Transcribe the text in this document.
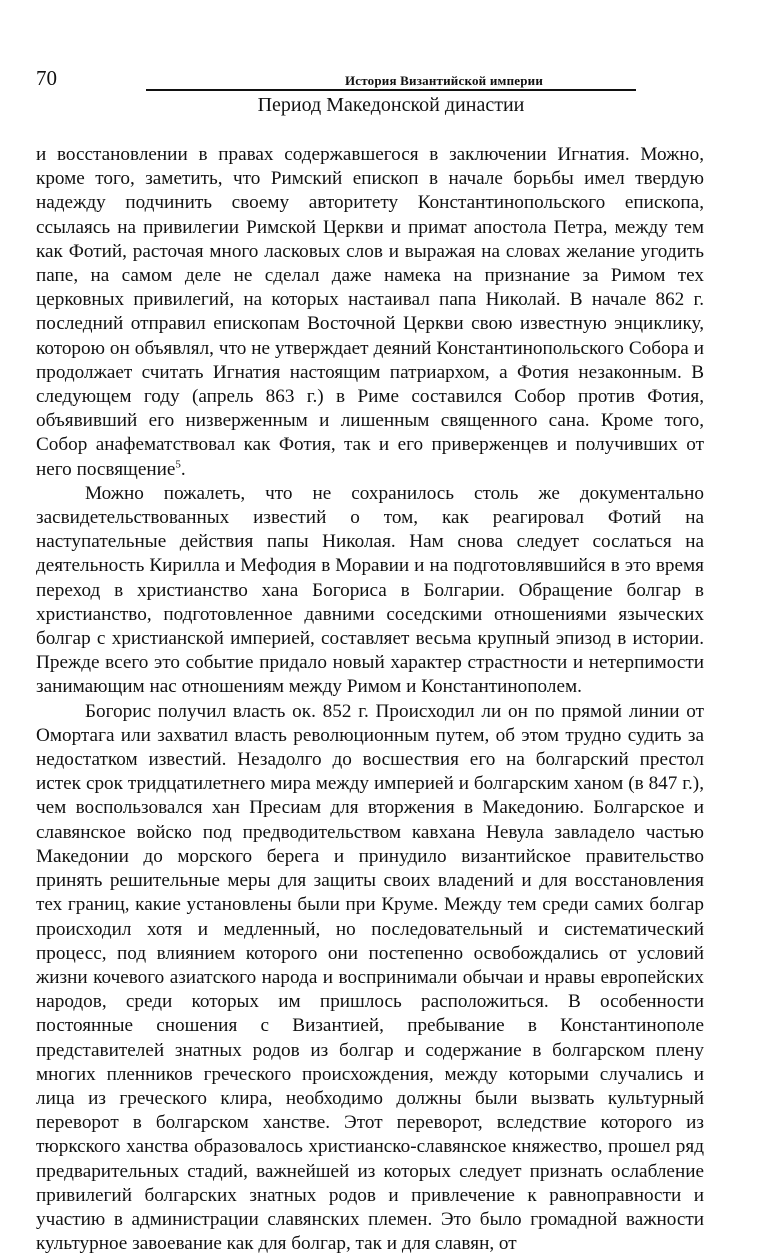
70	История Византийской империи
Период Македонской династии

и восстановлении в правах содержавшегося в заключении Игнатия. Можно, кроме того, заметить, что Римский епископ в начале борьбы имел твердую надежду подчинить своему авторитету Константинопольского епископа, ссылаясь на привилегии Римской Церкви и примат апостола Петра, между тем как Фотий, расточая много ласковых слов и выражая на словах желание угодить папе, на самом деле не сделал даже намека на признание за Римом тех церковных привилегий, на которых настаивал папа Николай. В начале 862 г. последний отправил епископам Восточной Церкви свою известную энциклику, которою он объявлял, что не утверждает деяний Константинопольского Собора и продолжает считать Игнатия настоящим патриархом, а Фотия незаконным. В следующем году (апрель 863 г.) в Риме составился Собор против Фотия, объявивший его низверженным и лишенным священного сана. Кроме того, Собор анафематствовал как Фотия, так и его приверженцев и получивших от него посвящение$^5$.

Можно пожалеть, что не сохранилось столь же документально засвидетельствованных известий о том, как реагировал Фотий на наступательные действия папы Николая. Нам снова следует сослаться на деятельность Кирилла и Мефодия в Моравии и на подготовлявшийся в это время переход в христианство хана Богориса в Болгарии. Обращение болгар в христианство, подготовленное давними соседскими отношениями языческих болгар с христианской империей, составляет весьма крупный эпизод в истории. Прежде всего это событие придало новый характер страстности и нетерпимости занимающим нас отношениям между Римом и Константинополем.

Богорис получил власть ок. 852 г. Происходил ли он по прямой линии от Омортага или захватил власть революционным путем, об этом трудно судить за недостатком известий. Незадолго до восшествия его на болгарский престол истек срок тридцатилетнего мира между империей и болгарским ханом (в 847 г.), чем воспользовался хан Пресиам для вторжения в Македонию. Болгарское и славянское войско под предводительством кавхана Невула завладело частью Македонии до морского берега и принудило византийское правительство принять решительные меры для защиты своих владений и для восстановления тех границ, какие установлены были при Круме. Между тем среди самих болгар происходил хотя и медленный, но последовательный и систематический процесс, под влиянием которого они постепенно освобождались от условий жизни кочевого азиатского народа и воспринимали обычаи и нравы европейских народов, среди которых им пришлось расположиться. В особенности постоянные сношения с Византией, пребывание в Константинополе представителей знатных родов из болгар и содержание в болгарском плену многих пленников греческого происхождения, между которыми случались и лица из греческого клира, необходимо должны были вызвать культурный переворот в болгарском ханстве. Этот переворот, вследствие которого из тюркского ханства образовалось христианско-славянское княжество, прошел ряд предварительных стадий, важнейшей из которых следует признать ослабление привилегий болгарских знатных родов и привлечение к равноправности и участию в администрации славянских племен. Это было громадной важности культурное завоевание как для болгар, так и для славян, от
